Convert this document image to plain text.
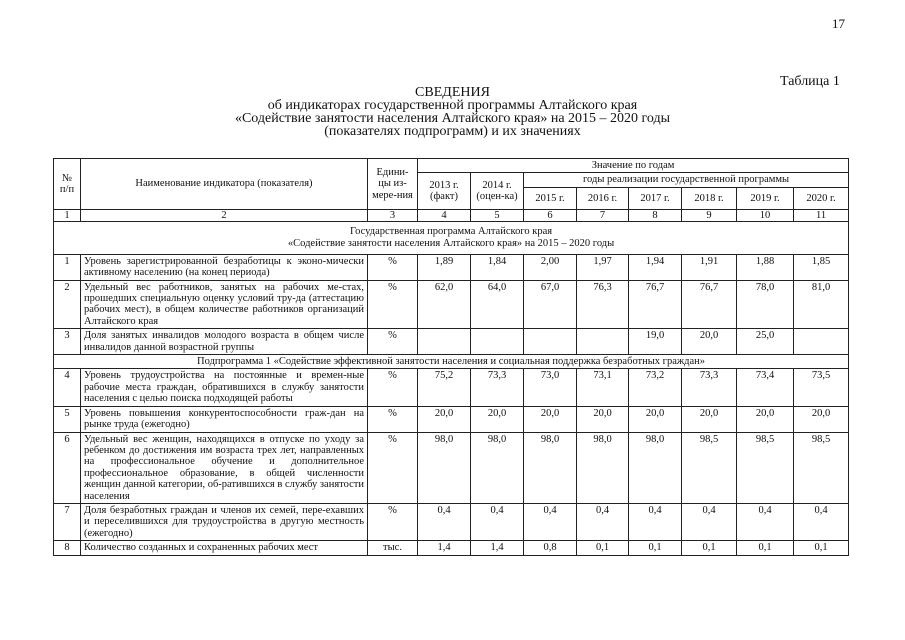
17
Таблица 1
СВЕДЕНИЯ
об индикаторах государственной программы Алтайского края
«Содействие занятости населения Алтайского края» на 2015 – 2020 годы
(показателях подпрограмм) и их значениях
№ п/п	Наименование индикатора (показателя)	Едини-цы из-мере-ния	Значение по годам							
			2013 г. (факт)	2014 г. (оцен-ка)	годы реализации государственной программы					
					2015 г.	2016 г.	2017 г.	2018 г.	2019 г.	2020 г.
1	2	3	4	5	6	7	8	9	10	11

Государственная программа Алтайского края
«Содействие занятости населения Алтайского края» на 2015 – 2020 годы										

1	Уровень зарегистрированной безработицы к эконо-мически активному населению (на конец периода)	%	1,89	1,84	2,00	1,97	1,94	1,91	1,88	1,85
2	Удельный вес работников, занятых на рабочих ме-стах, прошедших специальную оценку условий тру-да (аттестацию рабочих мест), в общем количестве работников организаций Алтайского края	%	62,0	64,0	67,0	76,3	76,7	76,7	78,0	81,0
3	Доля занятых инвалидов молодого возраста в общем числе инвалидов данной возрастной группы	%					19,0	20,0	25,0	
Подпрограмма 1 «Содействие эффективной занятости населения и социальная поддержка безработных граждан»										
4	Уровень трудоустройства на постоянные и времен-ные рабочие места граждан, обратившихся в службу занятости населения с целью поиска подходящей работы	%	75,2	73,3	73,0	73,1	73,2	73,3	73,4	73,5
5	Уровень повышения конкурентоспособности граж-дан на рынке труда (ежегодно)	%	20,0	20,0	20,0	20,0	20,0	20,0	20,0	20,0
6	Удельный вес женщин, находящихся в отпуске по уходу за ребенком до достижения им возраста трех лет, направленных на профессиональное обучение и дополнительное профессиональное образование, в общей численности женщин данной категории, об-ратившихся в службу занятости населения	%	98,0	98,0	98,0	98,0	98,0	98,5	98,5	98,5
7	Доля безработных граждан и членов их семей, пере-ехавших и переселившихся для трудоустройства в другую местность (ежегодно)	%	0,4	0,4	0,4	0,4	0,4	0,4	0,4	0,4
8	Количество созданных и сохраненных рабочих мест	тыс.	1,4	1,4	0,8	0,1	0,1	0,1	0,1	0,1
